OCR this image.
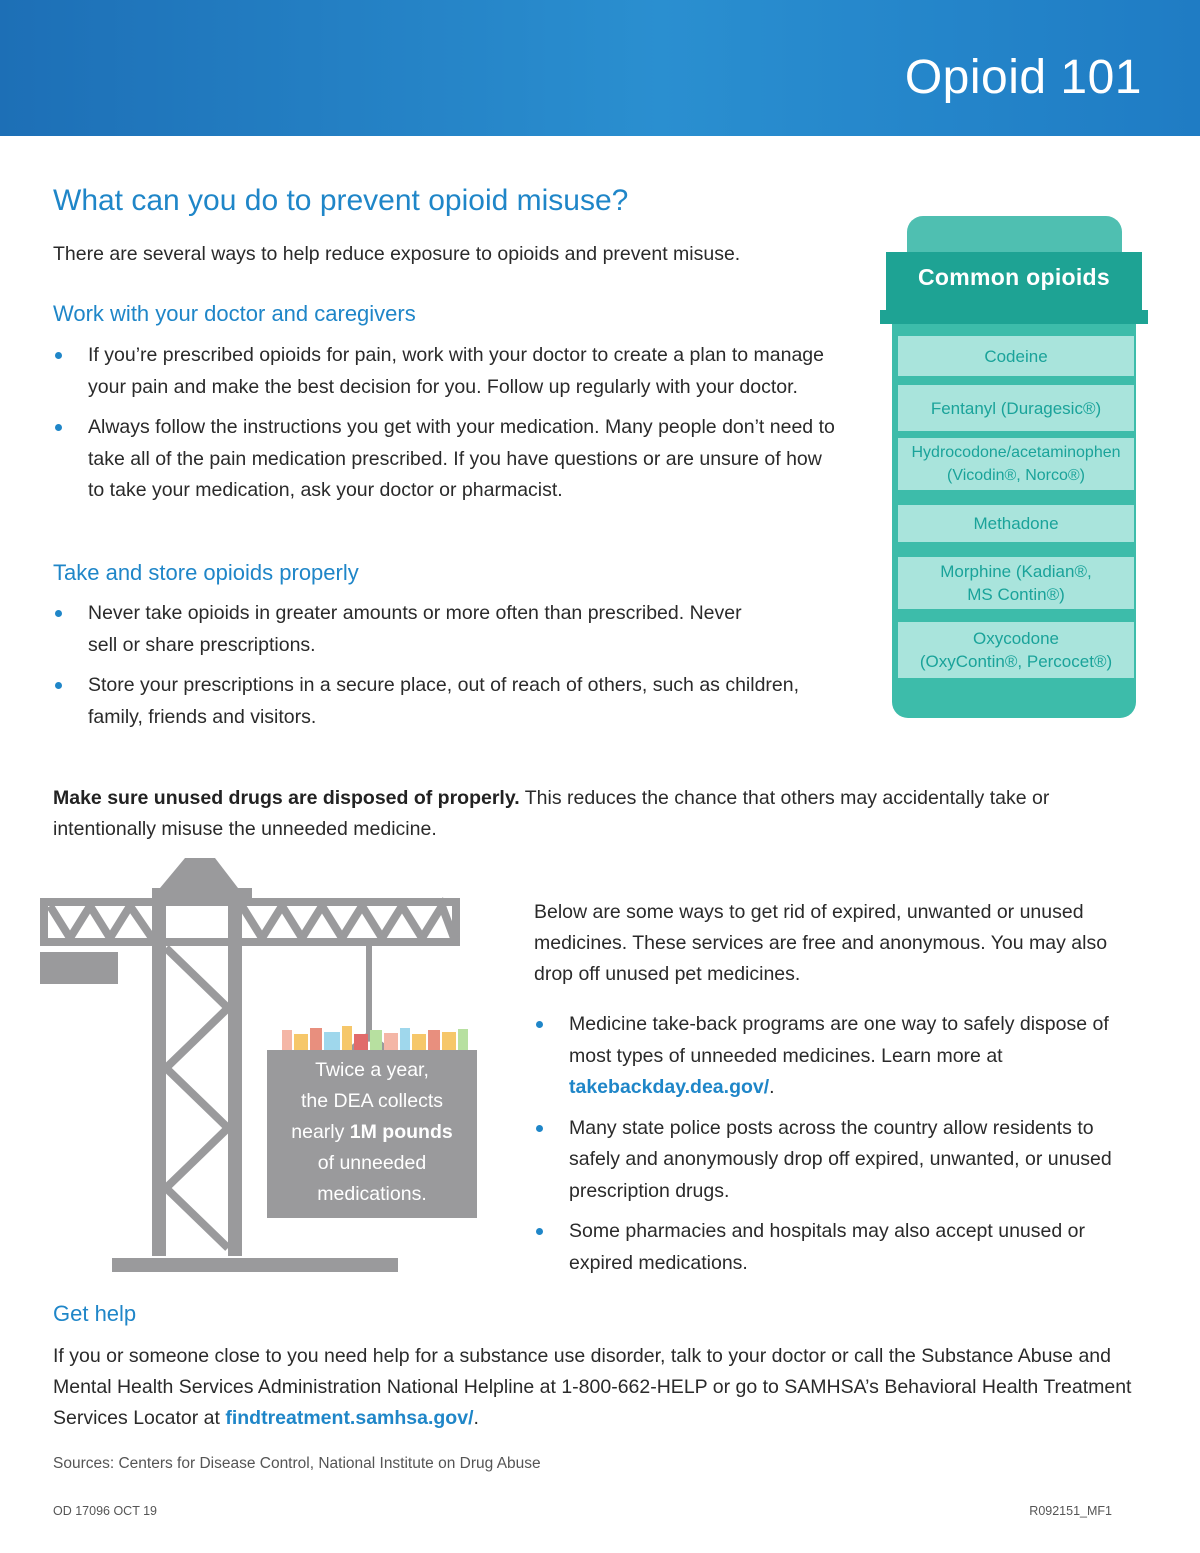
Opioid 101
What can you do to prevent opioid misuse?
There are several ways to help reduce exposure to opioids and prevent misuse.
Work with your doctor and caregivers
If you’re prescribed opioids for pain, work with your doctor to create a plan to manage your pain and make the best decision for you. Follow up regularly with your doctor.
Always follow the instructions you get with your medication. Many people don’t need to take all of the pain medication prescribed. If you have questions or are unsure of how to take your medication, ask your doctor or pharmacist.
Take and store opioids properly
Never take opioids in greater amounts or more often than prescribed. Never sell or share prescriptions.
Store your prescriptions in a secure place, out of reach of others, such as children, family, friends and visitors.
Common opioids
Codeine
Fentanyl (Duragesic®)
Hydrocodone/acetaminophen
(Vicodin®, Norco®)
Methadone
Morphine (Kadian®,
MS Contin®)
Oxycodone
(OxyContin®, Percocet®)
Make sure unused drugs are disposed of properly. This reduces the chance that others may accidentally take or intentionally misuse the unneeded medicine.
Twice a year,
the DEA collects
nearly 1M pounds
of unneeded
medications.
Below are some ways to get rid of expired, unwanted or unused medicines. These services are free and anonymous. You may also drop off unused pet medicines.
Medicine take-back programs are one way to safely dispose of most types of unneeded medicines. Learn more at takebackday.dea.gov/.
Many state police posts across the country allow residents to safely and anonymously drop off expired, unwanted, or unused prescription drugs.
Some pharmacies and hospitals may also accept unused or expired medications.
Get help
If you or someone close to you need help for a substance use disorder, talk to your doctor or call the Substance Abuse and Mental Health Services Administration National Helpline at 1-800-662-HELP or go to SAMHSA’s Behavioral Health Treatment Services Locator at findtreatment.samhsa.gov/.
Sources: Centers for Disease Control, National Institute on Drug Abuse
OD 17096 OCT 19	R092151_MF1
